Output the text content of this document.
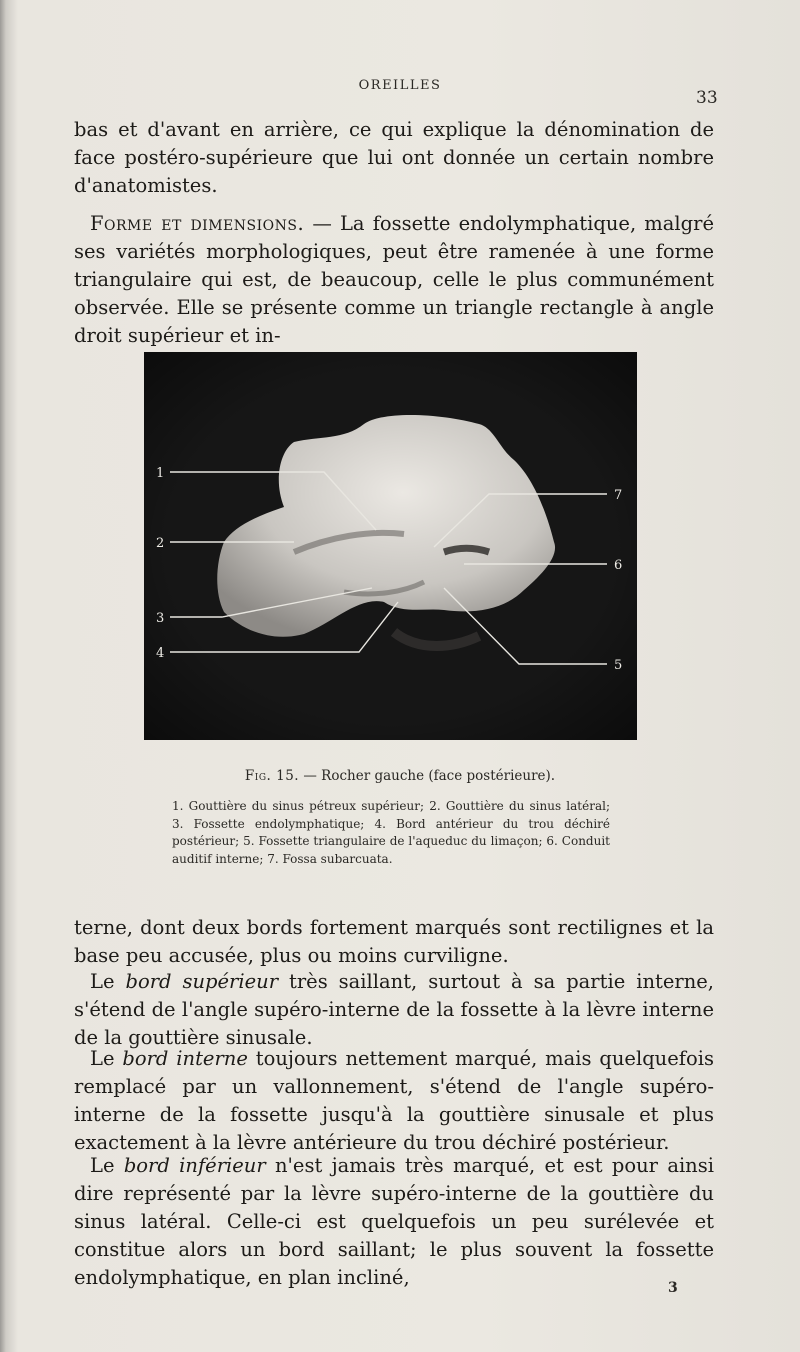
OREILLES
33

bas et d'avant en arrière, ce qui explique la dénomination de face postéro-supérieure que lui ont donnée un certain nombre d'anatomistes.

Forme et dimensions. — La fossette endolymphatique, malgré ses variétés morphologiques, peut être ramenée à une forme triangulaire qui est, de beaucoup, celle le plus communément observée. Elle se présente comme un triangle rectangle à angle droit supérieur et in-

1
2
3
4
5
6
7
Fig. 15. — Rocher gauche (face postérieure).

1. Gouttière du sinus pétreux supérieur; 2. Gouttière du sinus latéral; 3. Fossette endolymphatique; 4. Bord antérieur du trou déchiré postérieur; 5. Fossette triangulaire de l'aqueduc du limaçon; 6. Conduit auditif interne; 7. Fossa subarcuata.

terne, dont deux bords fortement marqués sont rectilignes et la base peu accusée, plus ou moins curviligne.

Le bord supérieur très saillant, surtout à sa partie interne, s'étend de l'angle supéro-interne de la fossette à la lèvre interne de la gouttière sinusale.

Le bord interne toujours nettement marqué, mais quelquefois remplacé par un vallonnement, s'étend de l'angle supéro-interne de la fossette jusqu'à la gouttière sinusale et plus exactement à la lèvre antérieure du trou déchiré postérieur.

Le bord inférieur n'est jamais très marqué, et est pour ainsi dire représenté par la lèvre supéro-interne de la gouttière du sinus latéral. Celle-ci est quelquefois un peu surélevée et constitue alors un bord saillant; le plus souvent la fossette endolymphatique, en plan incliné,	3
